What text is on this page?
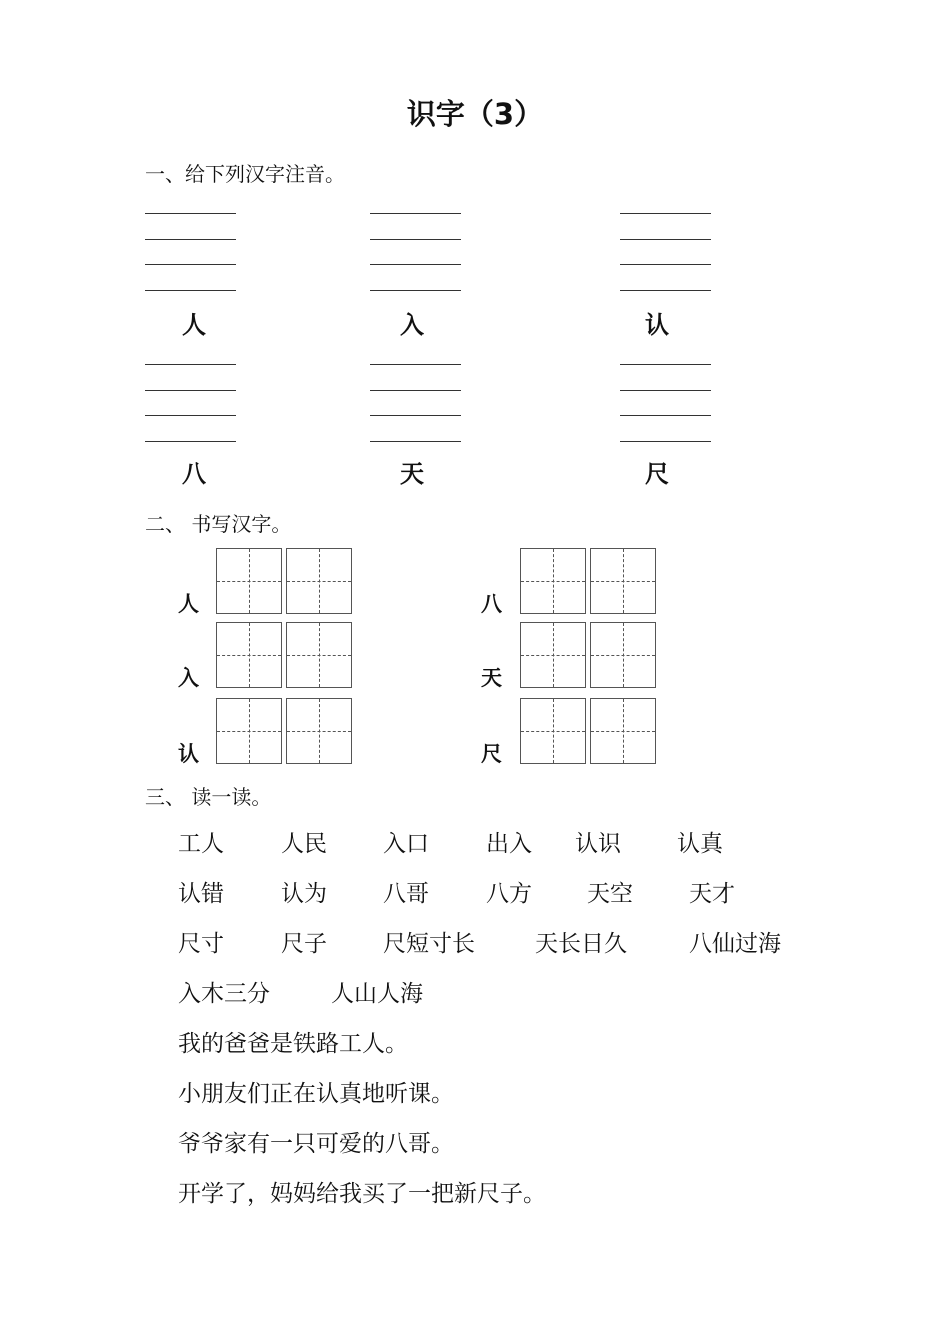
识字（3）
一、给下列汉字注音。
人	入	认
八	天	尺
二、 书写汉字。
人
入
认
八
天
尺
三、 读一读。
工人 人民 入口 出入 认识 认真
认错 认为 八哥 八方 天空 天才
尺寸 尺子 尺短寸长	天长日久	八仙过海
入木三分	人山人海
我的爸爸是铁路工人。
小朋友们正在认真地听课。
爷爷家有一只可爱的八哥。
开学了，妈妈给我买了一把新尺子。
